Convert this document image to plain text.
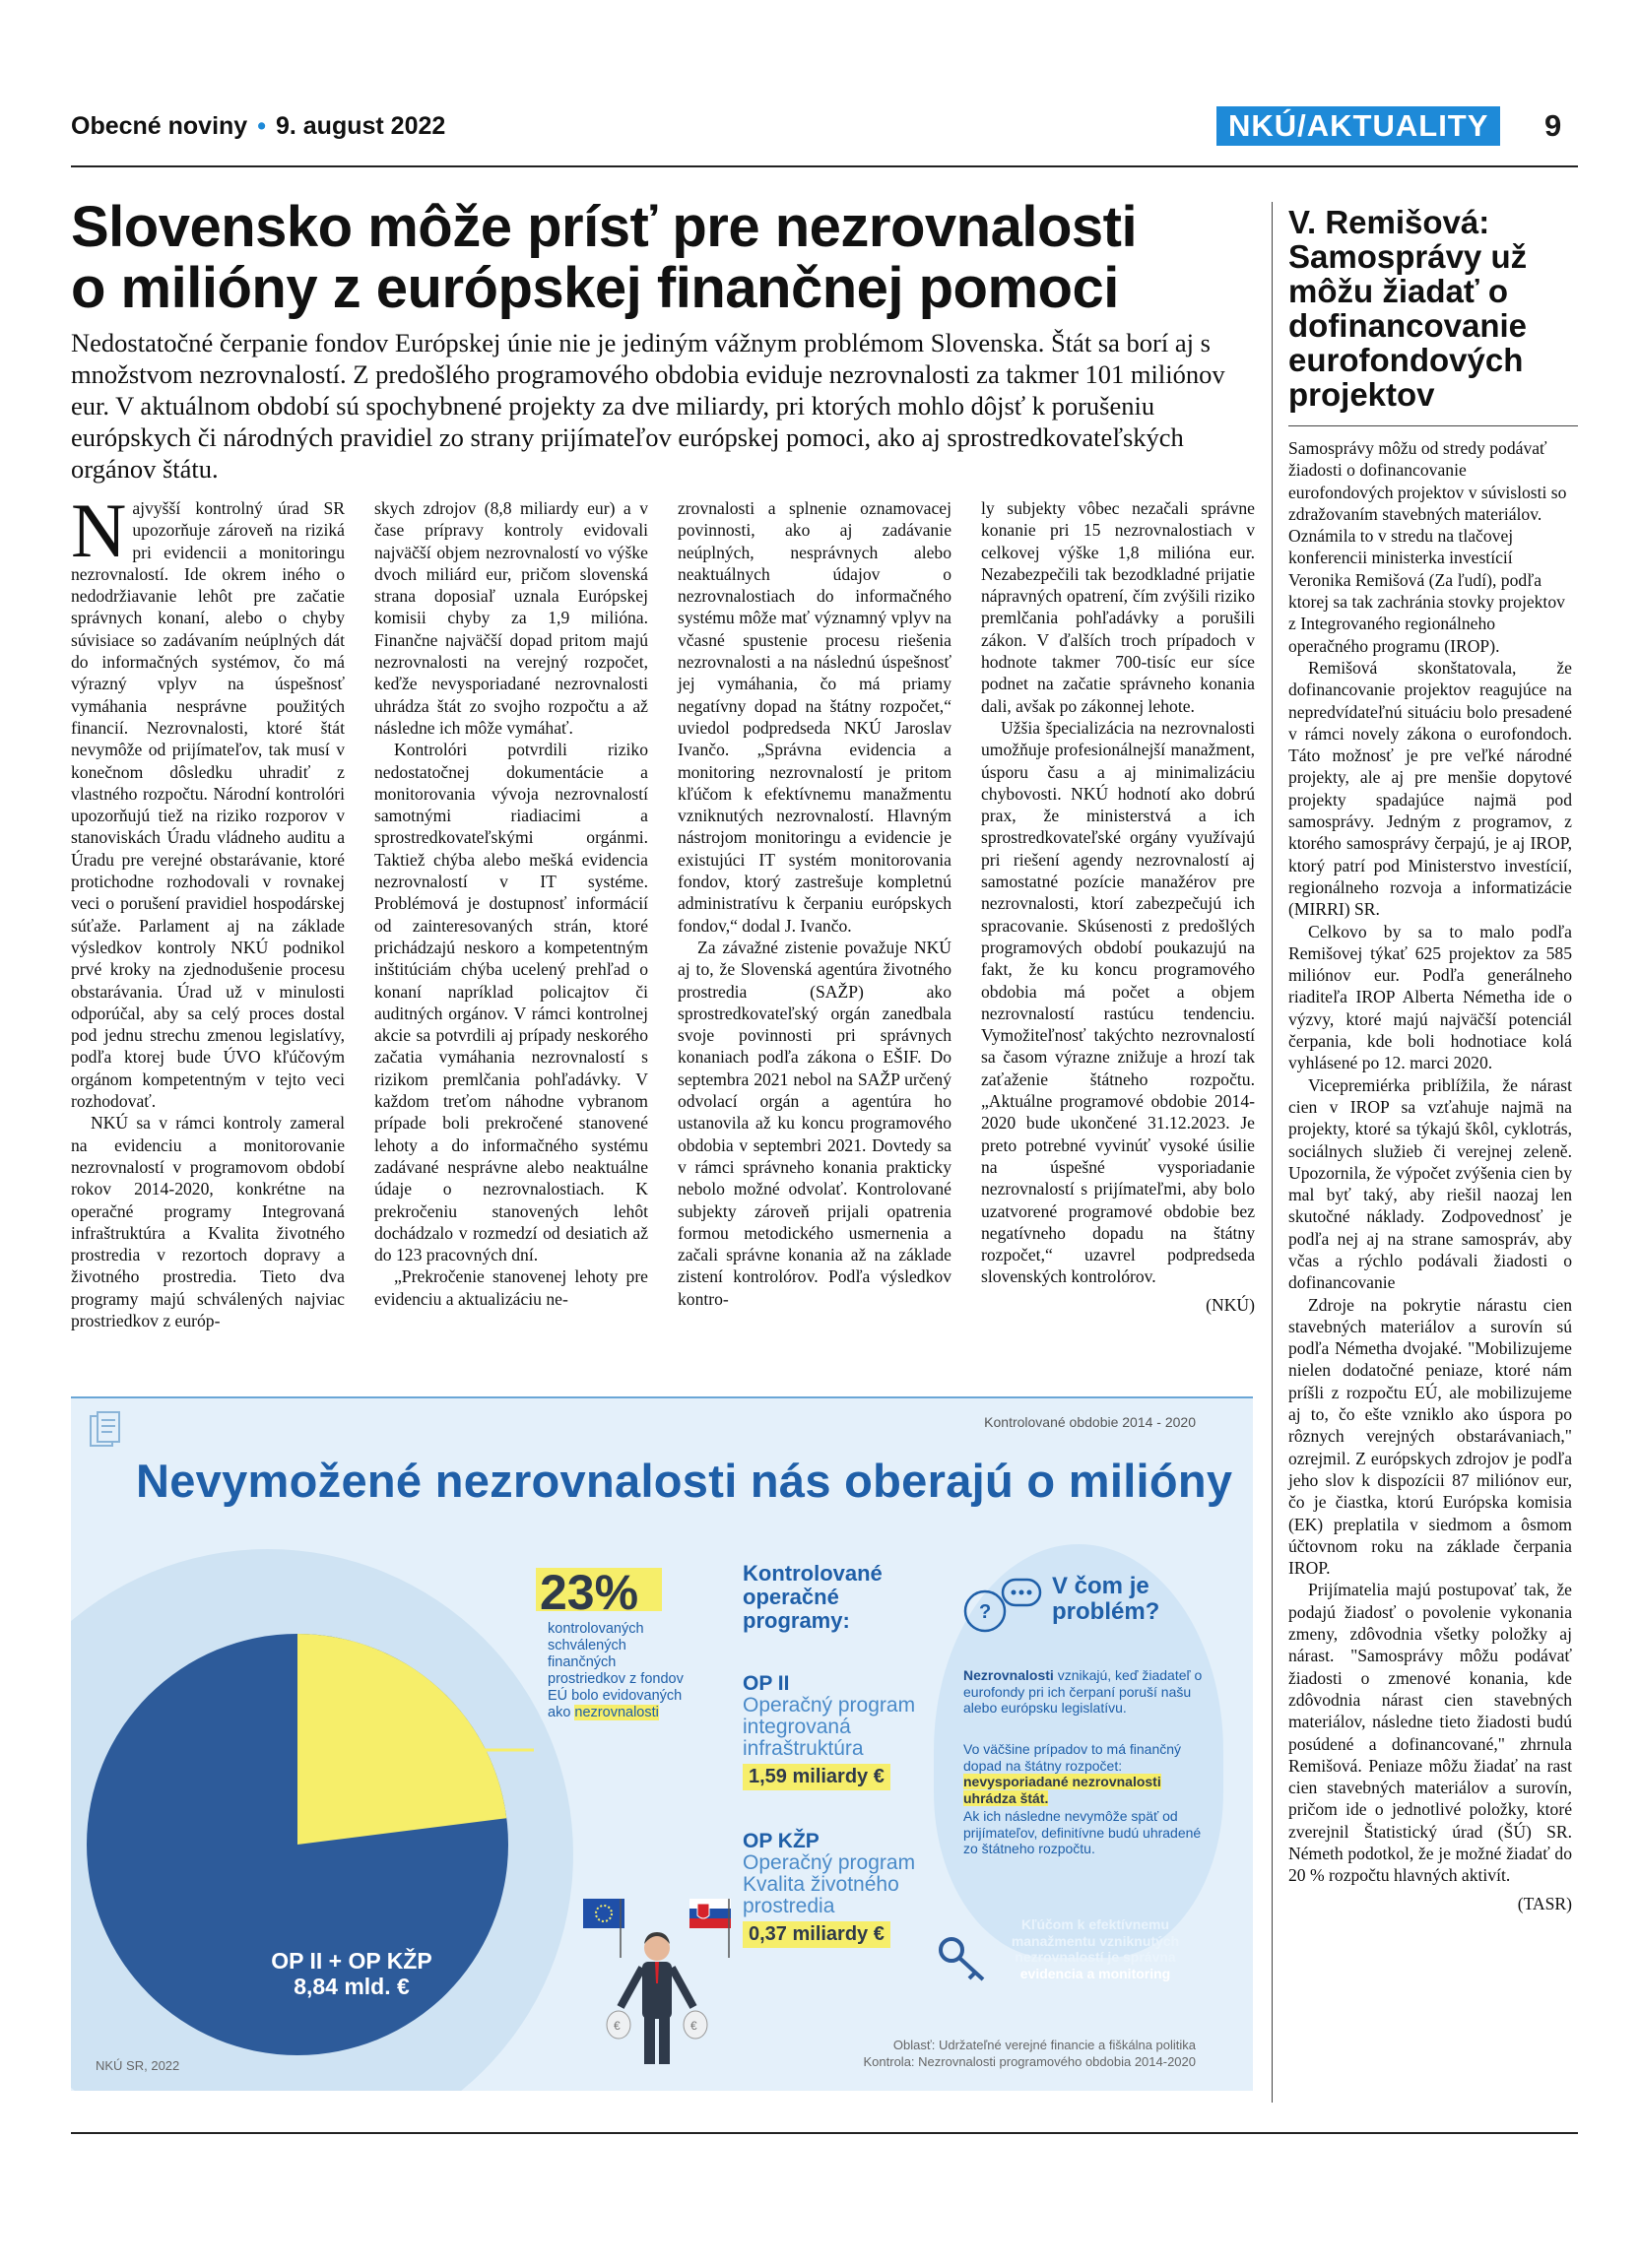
Obecné noviny • 9. august 2022	NKÚ/AKTUALITY	9
Slovensko môže prísť pre nezrovnalosti
o milióny z európskej finančnej pomoci

Nedostatočné čerpanie fondov Európskej únie nie je jediným vážnym problémom Slovenska. Štát sa borí aj s množstvom nezrovnalostí. Z predošlého programového obdobia eviduje nezrovnalosti za takmer 101 miliónov eur. V aktuálnom období sú spochybnené projekty za dve miliardy, pri ktorých mohlo dôjsť k porušeniu európskych či národných pravidiel zo strany prijímateľov európskej pomoci, ako aj sprostredkovateľských orgánov štátu.

Najvyšší kontrolný úrad SR upozorňuje zároveň na riziká pri evidencii a monitoringu nezrovnalostí. Ide okrem iného o nedodržiavanie lehôt pre začatie správnych konaní, alebo o chyby súvisiace so zadávaním neúplných dát do informačných systémov, čo má výrazný vplyv na úspešnosť vymáhania nesprávne použitých financií. Nezrovnalosti, ktoré štát nevymôže od prijímateľov, tak musí v konečnom dôsledku uhradiť z vlastného rozpočtu. Národní kontrolóri upozorňujú tiež na riziko rozporov v stanoviskách Úradu vládneho auditu a Úradu pre verejné obstarávanie, ktoré protichodne rozhodovali v rovnakej veci o porušení pravidiel hospodárskej súťaže. Parlament aj na základe výsledkov kontroly NKÚ podnikol prvé kroky na zjednodušenie procesu obstarávania. Úrad už v minulosti odporúčal, aby sa celý proces dostal pod jednu strechu zmenou legislatívy, podľa ktorej bude ÚVO kľúčovým orgánom kompetentným v tejto veci rozhodovať.

NKÚ sa v rámci kontroly zameral na evidenciu a monitorovanie nezrovnalostí v programovom období rokov 2014-2020, konkrétne na operačné programy Integrovaná infraštruktúra a Kvalita životného prostredia v rezortoch dopravy a životného prostredia. Tieto dva programy majú schválených najviac prostriedkov z európ-

skych zdrojov (8,8 miliardy eur) a v čase prípravy kontroly evidovali najväčší objem nezrovnalostí vo výške dvoch miliárd eur, pričom slovenská strana doposiaľ uznala Európskej komisii chyby za 1,9 milióna. Finančne najväčší dopad pritom majú nezrovnalosti na verejný rozpočet, keďže nevysporiadané nezrovnalosti uhrádza štát zo svojho rozpočtu a až následne ich môže vymáhať.

Kontrolóri potvrdili riziko nedostatočnej dokumentácie a monitorovania vývoja nezrovnalostí samotnými riadiacimi a sprostredkovateľskými orgánmi. Taktiež chýba alebo mešká evidencia nezrovnalostí v IT systéme. Problémová je dostupnosť informácií od zainteresovaných strán, ktoré prichádzajú neskoro a kompetentným inštitúciám chýba ucelený prehľad o konaní napríklad policajtov či auditných orgánov. V rámci kontrolnej akcie sa potvrdili aj prípady neskorého začatia vymáhania nezrovnalostí s rizikom premlčania pohľadávky. V každom treťom náhodne vybranom prípade boli prekročené stanovené lehoty a do informačného systému zadávané nesprávne alebo neaktuálne údaje o nezrovnalostiach. K prekročeniu stanovených lehôt dochádzalo v rozmedzí od desiatich až do 123 pracovných dní.

„Prekročenie stanovenej lehoty pre evidenciu a aktualizáciu ne-

zrovnalosti a splnenie oznamovacej povinnosti, ako aj zadávanie neúplných, nesprávnych alebo neaktuálnych údajov o nezrovnalostiach do informačného systému môže mať významný vplyv na včasné spustenie procesu riešenia nezrovnalosti a na následnú úspešnosť jej vymáhania, čo má priamy negatívny dopad na štátny rozpočet,“ uviedol podpredseda NKÚ Jaroslav Ivančo. „Správna evidencia a monitoring nezrovnalostí je pritom kľúčom k efektívnemu manažmentu vzniknutých nezrovnalostí. Hlavným nástrojom monitoringu a evidencie je existujúci IT systém monitorovania fondov, ktorý zastrešuje kompletnú administratívu k čerpaniu európskych fondov,“ dodal J. Ivančo.

Za závažné zistenie považuje NKÚ aj to, že Slovenská agentúra životného prostredia (SAŽP) ako sprostredkovateľský orgán zanedbala svoje povinnosti pri správnych konaniach podľa zákona o EŠIF. Do septembra 2021 nebol na SAŽP určený odvolací orgán a agentúra ho ustanovila až ku koncu programového obdobia v septembri 2021. Dovtedy sa v rámci správneho konania prakticky nebolo možné odvolať. Kontrolované subjekty zároveň prijali opatrenia formou metodického usmernenia a začali správne konania až na základe zistení kontrolórov. Podľa výsledkov kontro-

ly subjekty vôbec nezačali správne konanie pri 15 nezrovnalostiach v celkovej výške 1,8 milióna eur. Nezabezpečili tak bezodkladné prijatie nápravných opatrení, čím zvýšili riziko premlčania pohľadávky a porušili zákon. V ďalších troch prípadoch v hodnote takmer 700-tisíc eur síce podnet na začatie správneho konania dali, avšak po zákonnej lehote.

Užšia špecializácia na nezrovnalosti umožňuje profesionálnejší manažment, úsporu času a aj minimalizáciu chybovosti. NKÚ hodnotí ako dobrú prax, že ministerstvá a ich sprostredkovateľské orgány využívajú pri riešení agendy nezrovnalostí aj samostatné pozície manažérov pre nezrovnalosti, ktorí zabezpečujú ich spracovanie. Skúsenosti z predošlých programových období poukazujú na fakt, že ku koncu programového obdobia má počet a objem nezrovnalostí rastúcu tendenciu. Vymožiteľnosť takýchto nezrovnalostí sa časom výrazne znižuje a hrozí tak zaťaženie štátneho rozpočtu. „Aktuálne programové obdobie 2014-2020 bude ukončené 31.12.2023. Je preto potrebné vyvinúť vysoké úsilie na úspešné vysporiadanie nezrovnalostí s prijímateľmi, aby bolo uzatvorené programové obdobie bez negatívneho dopadu na štátny rozpočet,“ uzavrel podpredseda slovenských kontrolórov.

(NKÚ)

V. Remišová:
Samosprávy už môžu žiadať o dofinancovanie eurofondových projektov

Samosprávy môžu od stredy podávať žiadosti o dofinancovanie eurofondových projektov v súvislosti so zdražovaním stavebných materiálov. Oznámila to v stredu na tlačovej konferencii ministerka investícií Veronika Remišová (Za ľudí), podľa ktorej sa tak zachránia stovky projektov z Integrovaného regionálneho operačného programu (IROP).

Remišová skonštatovala, že dofinancovanie projektov reagujúce na nepredvídateľnú situáciu bolo presadené v rámci novely zákona o eurofondoch. Táto možnosť je pre veľké národné projekty, ale aj pre menšie dopytové projekty spadajúce najmä pod samosprávy. Jedným z programov, z ktorého samosprávy čerpajú, je aj IROP, ktorý patrí pod Ministerstvo investícií, regionálneho rozvoja a informatizácie (MIRRI) SR.

Celkovo by sa to malo podľa Remišovej týkať 625 projektov za 585 miliónov eur. Podľa generálneho riaditeľa IROP Alberta Németha ide o výzvy, ktoré majú najväčší potenciál čerpania, kde boli hodnotiace kolá vyhlásené po 12. marci 2020.

Vicepremiérka priblížila, že nárast cien v IROP sa vzťahuje najmä na projekty, ktoré sa týkajú škôl, cyklotrás, sociálnych služieb či verejnej zeleně. Upozornila, že výpočet zvýšenia cien by mal byť taký, aby riešil naozaj len skutočné náklady. Zodpovednosť je podľa nej aj na strane samospráv, aby včas a rýchlo podávali žiadosti o dofinancovanie

Zdroje na pokrytie nárastu cien stavebných materiálov a surovín sú podľa Németha dvojaké. "Mobilizujeme nielen dodatočné peniaze, ktoré nám príšli z rozpočtu EÚ, ale mobilizujeme aj to, čo ešte vzniklo ako úspora po rôznych verejných obstarávaniach," ozrejmil. Z európskych zdrojov je podľa jeho slov k dispozícii 87 miliónov eur, čo je čiastka, ktorú Európska komisia (EK) preplatila v siedmom a ôsmom účtovnom roku na základe čerpania IROP.

Prijímatelia majú postupovať tak, že podajú žiadosť o povolenie vykonania zmeny, zdôvodnia všetky položky aj nárast. "Samosprávy môžu podávať žiadosti o zmenové konania, kde zdôvodnia nárast cien stavebných materiálov, následne tieto žiadosti budú posúdené a dofinancované," zhrnula Remišová. Peniaze môžu žiadať na rast cien stavebných materiálov a surovín, pričom ide o jednotlivé položky, ktoré zverejnil Štatistický úrad (ŠÚ) SR. Németh podotkol, že je možné žiadať do 20 % rozpočtu hlavných aktivít.

(TASR)

Kontrolované obdobie 2014 - 2020
Nevymožené nezrovnalosti nás oberajú o milióny
23%
kontrolovaných schválených finančných prostriedkov z fondov EÚ bolo evidovaných ako nezrovnalosti
OP II + OP KŽP
8,84 mld. €
Kontrolované operačné programy:
OP II
Operačný program integrovaná infraštruktúra
1,59 miliardy €
OP KŽP
Operačný program Kvalita životného prostredia
0,37 miliardy €
€	€
?
V čom je problém?
Nezrovnalosti vznikajú, keď žiadateľ o eurofondy pri ich čerpaní poruší našu alebo európsku legislatívu.
Vo väčšine prípadov to má finančný dopad na štátny rozpočet: nevysporiadané nezrovnalosti uhrádza štát.
Ak ich následne nevymôže späť od prijímateľov, definitívne budú uhradené zo štátneho rozpočtu.
Kľúčom k efektívnemu manažmentu vzniknutých nezrovnalostí je správna evidencia a monitoring
NKÚ SR, 2022
Oblasť: Udržateľné verejné financie a fiškálna politika
Kontrola: Nezrovnalosti programového obdobia 2014-2020
